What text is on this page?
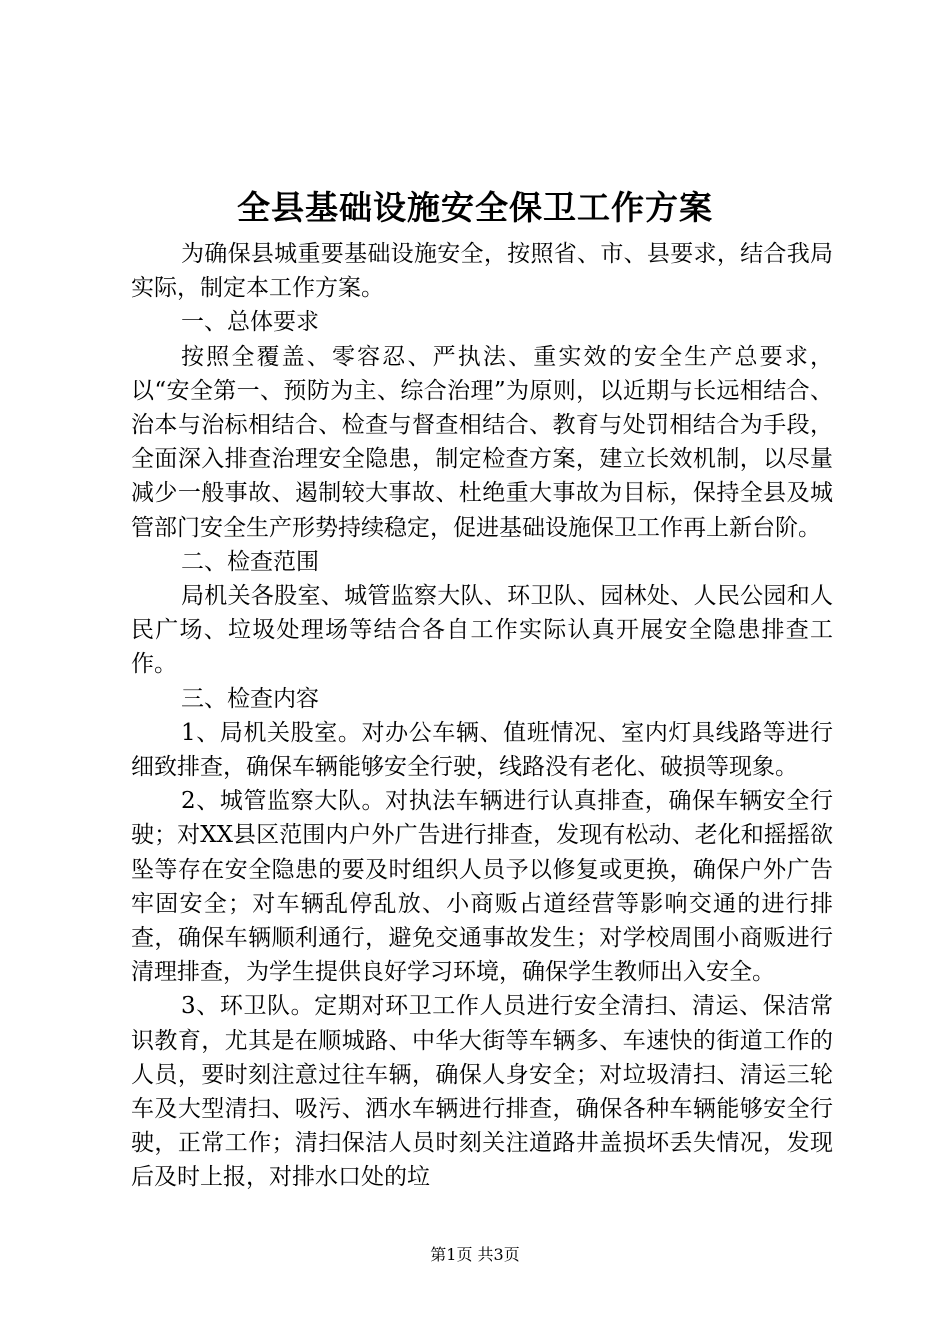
全县基础设施安全保卫工作方案

为确保县城重要基础设施安全，按照省、市、县要求，结合我局实际，制定本工作方案。

一、总体要求

按照全覆盖、零容忍、严执法、重实效的安全生产总要求，以“安全第一、预防为主、综合治理”为原则，以近期与长远相结合、治本与治标相结合、检查与督查相结合、教育与处罚相结合为手段，全面深入排查治理安全隐患，制定检查方案，建立长效机制，以尽量减少一般事故、遏制较大事故、杜绝重大事故为目标，保持全县及城管部门安全生产形势持续稳定，促进基础设施保卫工作再上新台阶。

二、检查范围

局机关各股室、城管监察大队、环卫队、园林处、人民公园和人民广场、垃圾处理场等结合各自工作实际认真开展安全隐患排查工作。

三、检查内容

1、局机关股室。对办公车辆、值班情况、室内灯具线路等进行细致排查，确保车辆能够安全行驶，线路没有老化、破损等现象。

2、城管监察大队。对执法车辆进行认真排查，确保车辆安全行驶；对XX县区范围内户外广告进行排查，发现有松动、老化和摇摇欲坠等存在安全隐患的要及时组织人员予以修复或更换，确保户外广告牢固安全；对车辆乱停乱放、小商贩占道经营等影响交通的进行排查，确保车辆顺利通行，避免交通事故发生；对学校周围小商贩进行清理排查，为学生提供良好学习环境，确保学生教师出入安全。

3、环卫队。定期对环卫工作人员进行安全清扫、清运、保洁常识教育，尤其是在顺城路、中华大街等车辆多、车速快的街道工作的人员，要时刻注意过往车辆，确保人身安全；对垃圾清扫、清运三轮车及大型清扫、吸污、洒水车辆进行排查，确保各种车辆能够安全行驶，正常工作；清扫保洁人员时刻关注道路井盖损坏丢失情况，发现后及时上报，对排水口处的垃

第1页 共3页
